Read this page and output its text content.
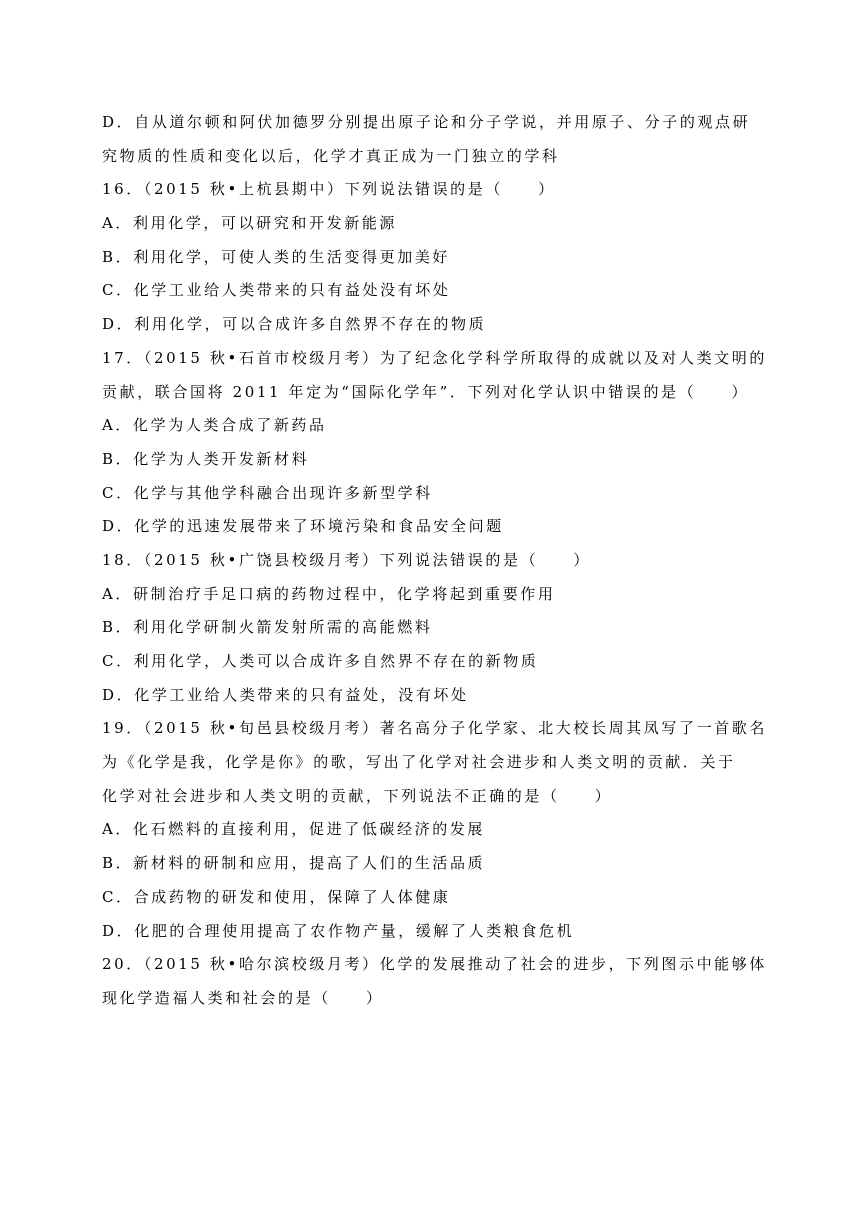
D．自从道尔顿和阿伏加德罗分别提出原子论和分子学说，并用原子、分子的观点研
究物质的性质和变化以后，化学才真正成为一门独立的学科
16．（2015 秋•上杭县期中）下列说法错误的是（　　）
A．利用化学，可以研究和开发新能源
B．利用化学，可使人类的生活变得更加美好
C．化学工业给人类带来的只有益处没有坏处
D．利用化学，可以合成许多自然界不存在的物质
17．（2015 秋•石首市校级月考）为了纪念化学科学所取得的成就以及对人类文明的
贡献，联合国将 2011 年定为“国际化学年”．下列对化学认识中错误的是（　　）
A．化学为人类合成了新药品
B．化学为人类开发新材料
C．化学与其他学科融合出现许多新型学科
D．化学的迅速发展带来了环境污染和食品安全问题
18．（2015 秋•广饶县校级月考）下列说法错误的是（　　）
A．研制治疗手足口病的药物过程中，化学将起到重要作用
B．利用化学研制火箭发射所需的高能燃料
C．利用化学，人类可以合成许多自然界不存在的新物质
D．化学工业给人类带来的只有益处，没有坏处
19．（2015 秋•旬邑县校级月考）著名高分子化学家、北大校长周其凤写了一首歌名
为《化学是我，化学是你》的歌，写出了化学对社会进步和人类文明的贡献．关于
化学对社会进步和人类文明的贡献，下列说法不正确的是（　　）
A．化石燃料的直接利用，促进了低碳经济的发展
B．新材料的研制和应用，提高了人们的生活品质
C．合成药物的研发和使用，保障了人体健康
D．化肥的合理使用提高了农作物产量，缓解了人类粮食危机
20．（2015 秋•哈尔滨校级月考）化学的发展推动了社会的进步，下列图示中能够体
现化学造福人类和社会的是（　　）
